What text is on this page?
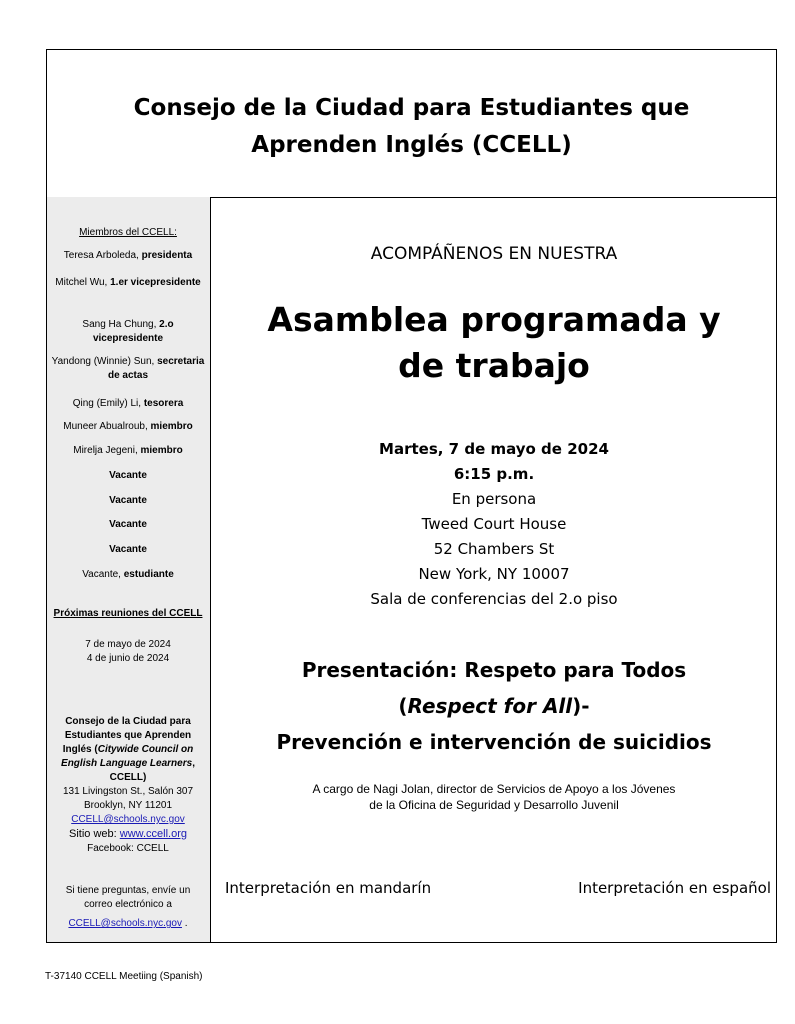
Consejo de la Ciudad para Estudiantes que Aprenden Inglés (CCELL)
Miembros del CCELL:
Teresa Arboleda, presidenta
Mitchel Wu, 1.er vicepresidente
Sang Ha Chung, 2.o vicepresidente
Yandong (Winnie) Sun, secretaria de actas
Qing (Emily) Li, tesorera
Muneer Abualroub, miembro
Mirelja Jegeni, miembro
Vacante
Vacante
Vacante
Vacante
Vacante, estudiante
Próximas reuniones del CCELL
7 de mayo de 2024
4 de junio de 2024
Consejo de la Ciudad para Estudiantes que Aprenden Inglés (Citywide Council on English Language Learners, CCELL)
131 Livingston St., Salón 307
Brooklyn, NY 11201
CCELL@schools.nyc.gov
Sitio web: www.ccell.org
Facebook: CCELL
Si tiene preguntas, envíe un correo electrónico a
CCELL@schools.nyc.gov .
ACOMPÁÑENOS EN NUESTRA
Asamblea programada y
de trabajo
Martes, 7 de mayo de 2024
6:15 p.m.
En persona
Tweed Court House
52 Chambers St
New York, NY 10007
Sala de conferencias del 2.o piso
Presentación: Respeto para Todos
(Respect for All)-
Prevención e intervención de suicidios
A cargo de Nagi Jolan, director de Servicios de Apoyo a los Jóvenes
de la Oficina de Seguridad y Desarrollo Juvenil
Interpretación en mandarín	Interpretación en español
T-37140 CCELL Meetiing (Spanish)
